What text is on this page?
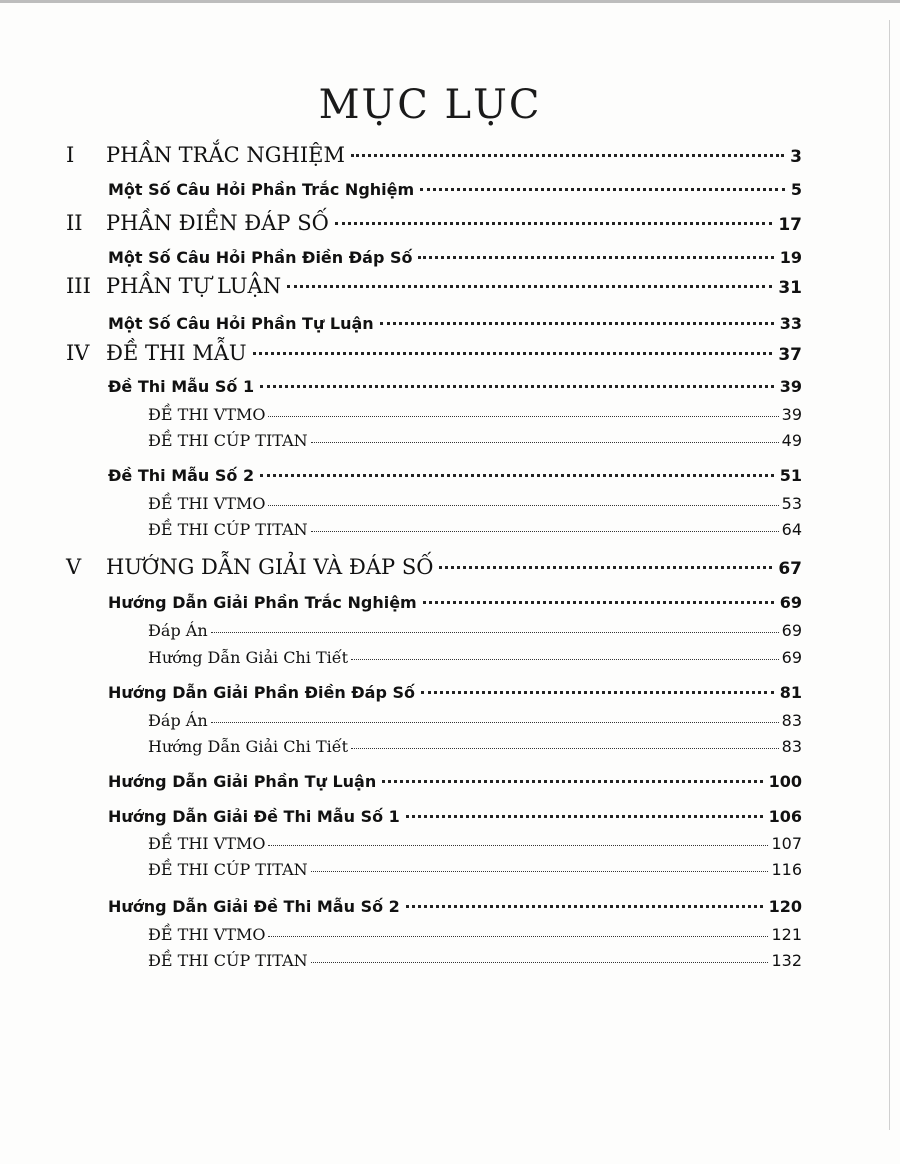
MỤC LỤC
I	PHẦN TRẮC NGHIỆM	3
Một Số Câu Hỏi Phần Trắc Nghiệm	5
II	PHẦN ĐIỀN ĐÁP SỐ	17
Một Số Câu Hỏi Phần Điền Đáp Số	19
III PHẦN TỰ LUẬN	31
Một Số Câu Hỏi Phần Tự Luận	33
IV ĐỀ THI MẪU	37
Đề Thi Mẫu Số 1	39
ĐỀ THI VTMO	39
ĐỀ THI CÚP TITAN	49
Đề Thi Mẫu Số 2	51
ĐỀ THI VTMO	53
ĐỀ THI CÚP TITAN	64
V	HƯỚNG DẪN GIẢI VÀ ĐÁP SỐ	67
Hướng Dẫn Giải Phần Trắc Nghiệm	69
Đáp Án	69
Hướng Dẫn Giải Chi Tiết	69
Hướng Dẫn Giải Phần Điền Đáp Số	81
Đáp Án	83
Hướng Dẫn Giải Chi Tiết	83
Hướng Dẫn Giải Phần Tự Luận	100
Hướng Dẫn Giải Đề Thi Mẫu Số 1	106
ĐỀ THI VTMO	107
ĐỀ THI CÚP TITAN	116
Hướng Dẫn Giải Đề Thi Mẫu Số 2	120
ĐỀ THI VTMO	121
ĐỀ THI CÚP TITAN	132
